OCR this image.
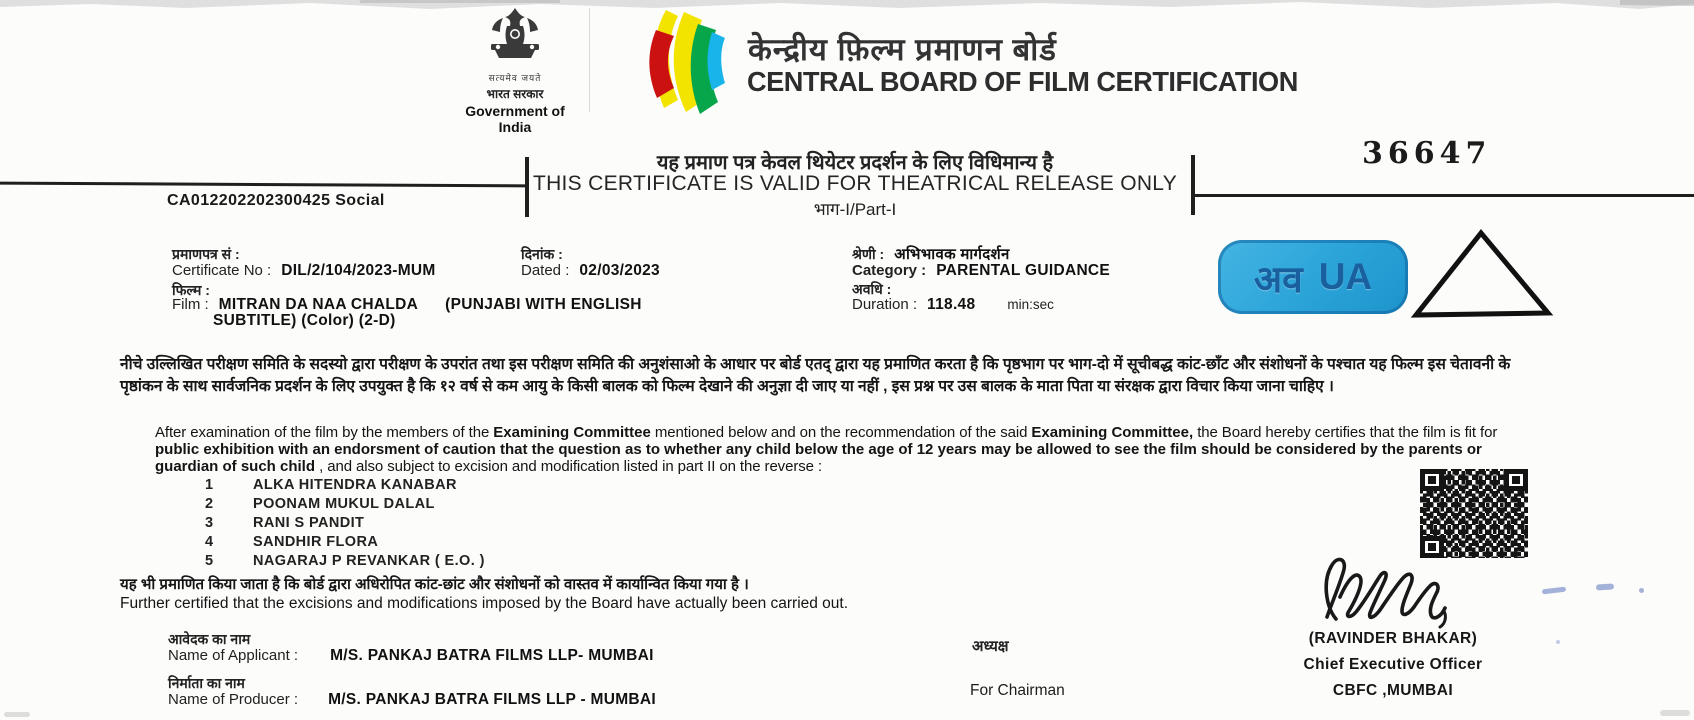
सत्यमेव जयते
भारत सरकार
Government of India
केन्द्रीय फ़िल्म प्रमाणन बोर्ड
CENTRAL BOARD OF FILM CERTIFICATION
36647
यह प्रमाण पत्र केवल थियेटर प्रदर्शन के लिए विधिमान्य है
THIS CERTIFICATE IS VALID FOR THEATRICAL RELEASE ONLY
भाग-I/Part-I
CA012202202300425 Social
प्रमाणपत्र सं :
Certificate No : DIL/2/104/2023-MUM
फिल्म :
Film : MITRAN DA NAA CHALDA      (PUNJABI WITH ENGLISH
SUBTITLE) (Color) (2-D)
दिनांक :
Dated : 02/03/2023
श्रेणी : अभिभावक मार्गदर्शन
Category : PARENTAL GUIDANCE
अवधि :
Duration : 118.48 min:sec
अव UA
नीचे उल्लिखित परीक्षण समिति के सदस्यो द्वारा परीक्षण के उपरांत तथा इस परीक्षण समिति की अनुशंसाओ के आधार पर बोर्ड एतद् द्वारा यह प्रमाणित करता है कि पृष्ठभाग पर भाग-दो में सूचीबद्ध कांट-छाँट और संशोधनों के पश्चात यह फिल्म इस चेतावनी के पृष्ठांकन के साथ सार्वजनिक प्रदर्शन के लिए उपयुक्त है कि १२ वर्ष से कम आयु के किसी बालक को फिल्म देखाने की अनुज्ञा दी जाए या नहीं , इस प्रश्न पर उस बालक के माता पिता या संरक्षक द्वारा विचार किया जाना चाहिए ।
After examination of the film by the members of the Examining Committee mentioned below and on the recommendation of the said Examining Committee, the Board hereby certifies that the film is fit for public exhibition with an endorsment of caution that the question as to whether any child below the age of 12 years may be allowed to see the film should be considered by the parents or guardian of such child , and also subject to excision and modification listed in part II on the reverse :
1	ALKA HITENDRA KANABAR
2	POONAM MUKUL DALAL
3	RANI S PANDIT
4	SANDHIR FLORA
5	NAGARAJ P REVANKAR ( E.O. )
यह भी प्रमाणित किया जाता है कि बोर्ड द्वारा अधिरोपित कांट-छांट और संशोधनों को वास्तव में कार्यान्वित किया गया है ।
Further certified that the excisions and modifications imposed by the Board have actually been carried out.
आवेदक का नाम
Name of Applicant : M/S. PANKAJ BATRA FILMS LLP- MUMBAI
निर्माता का नाम
Name of Producer : M/S. PANKAJ BATRA FILMS LLP - MUMBAI
अध्यक्ष
For Chairman
(RAVINDER BHAKAR)
Chief Executive Officer
CBFC ,MUMBAI
